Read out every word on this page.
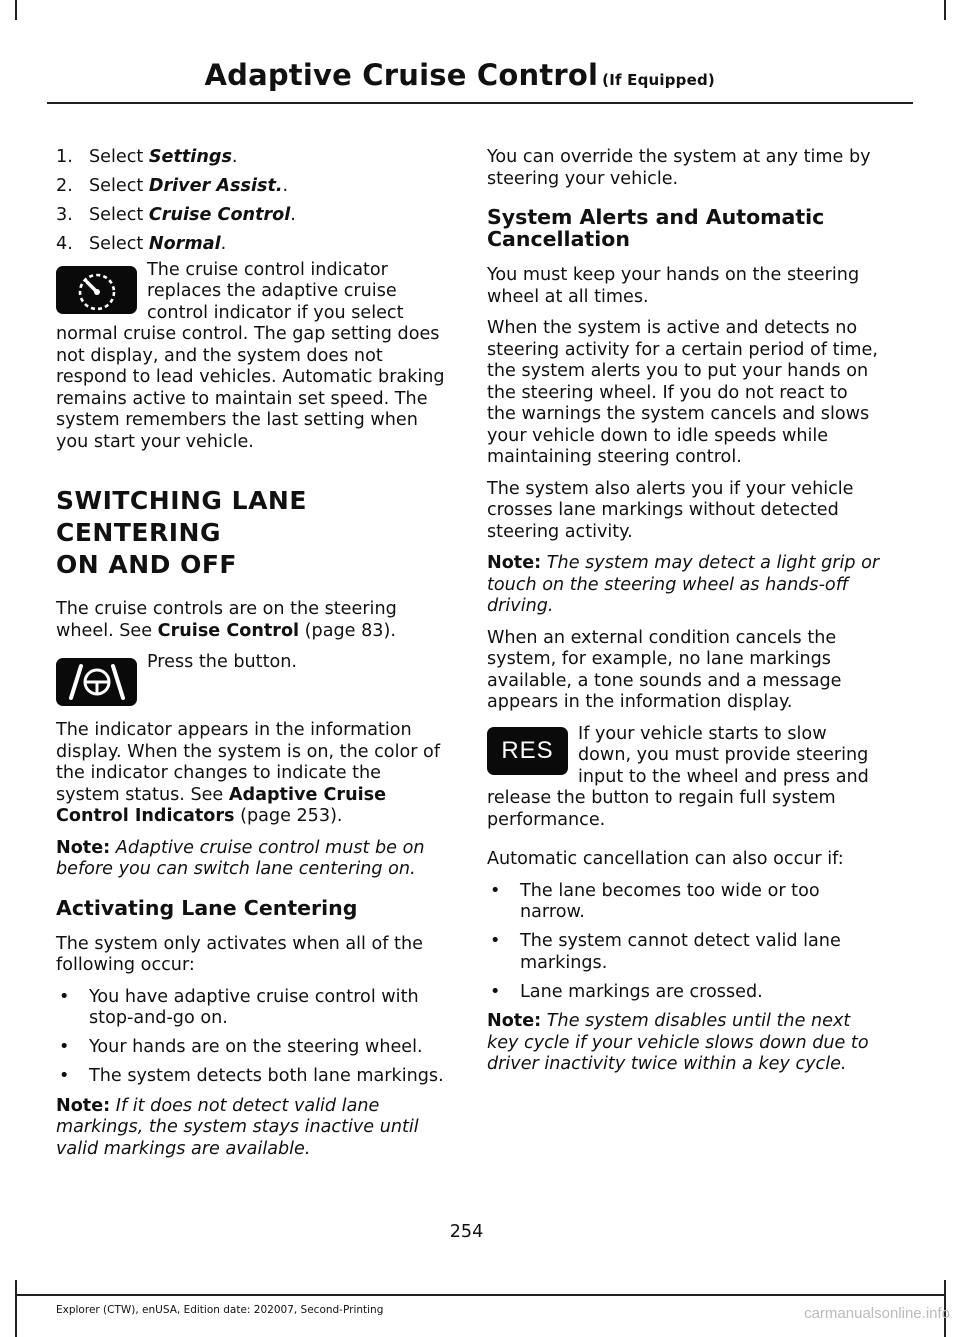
Adaptive Cruise Control (If Equipped)
1. Select Settings.
2. Select Driver Assist..
3. Select Cruise Control.
4. Select Normal.

The cruise control indicator replaces the adaptive cruise control indicator if you select normal cruise control. The gap setting does not display, and the system does not respond to lead vehicles. Automatic braking remains active to maintain set speed. The system remembers the last setting when you start your vehicle.

SWITCHING LANE CENTERING
ON AND OFF

The cruise controls are on the steering wheel. See Cruise Control (page 83).

Press the button.

The indicator appears in the information display. When the system is on, the color of the indicator changes to indicate the system status. See Adaptive Cruise Control Indicators (page 253).

Note: Adaptive cruise control must be on before you can switch lane centering on.

Activating Lane Centering

The system only activates when all of the following occur:

•	You have adaptive cruise control with stop-and-go on.
•	Your hands are on the steering wheel.
•	The system detects both lane markings.

Note: If it does not detect valid lane markings, the system stays inactive until valid markings are available.

You can override the system at any time by steering your vehicle.

System Alerts and Automatic Cancellation

You must keep your hands on the steering wheel at all times.

When the system is active and detects no steering activity for a certain period of time, the system alerts you to put your hands on the steering wheel. If you do not react to the warnings the system cancels and slows your vehicle down to idle speeds while maintaining steering control.

The system also alerts you if your vehicle crosses lane markings without detected steering activity.

Note: The system may detect a light grip or touch on the steering wheel as hands-off driving.

When an external condition cancels the system, for example, no lane markings available, a tone sounds and a message appears in the information display.

RES

If your vehicle starts to slow down, you must provide steering input to the wheel and press and release the button to regain full system performance.

Automatic cancellation can also occur if:

•	The lane becomes too wide or too narrow.
•	The system cannot detect valid lane markings.
•	Lane markings are crossed.

Note: The system disables until the next key cycle if your vehicle slows down due to driver inactivity twice within a key cycle.

254
Explorer (CTW), enUSA, Edition date: 202007, Second-Printing	carmanualsonline.info
